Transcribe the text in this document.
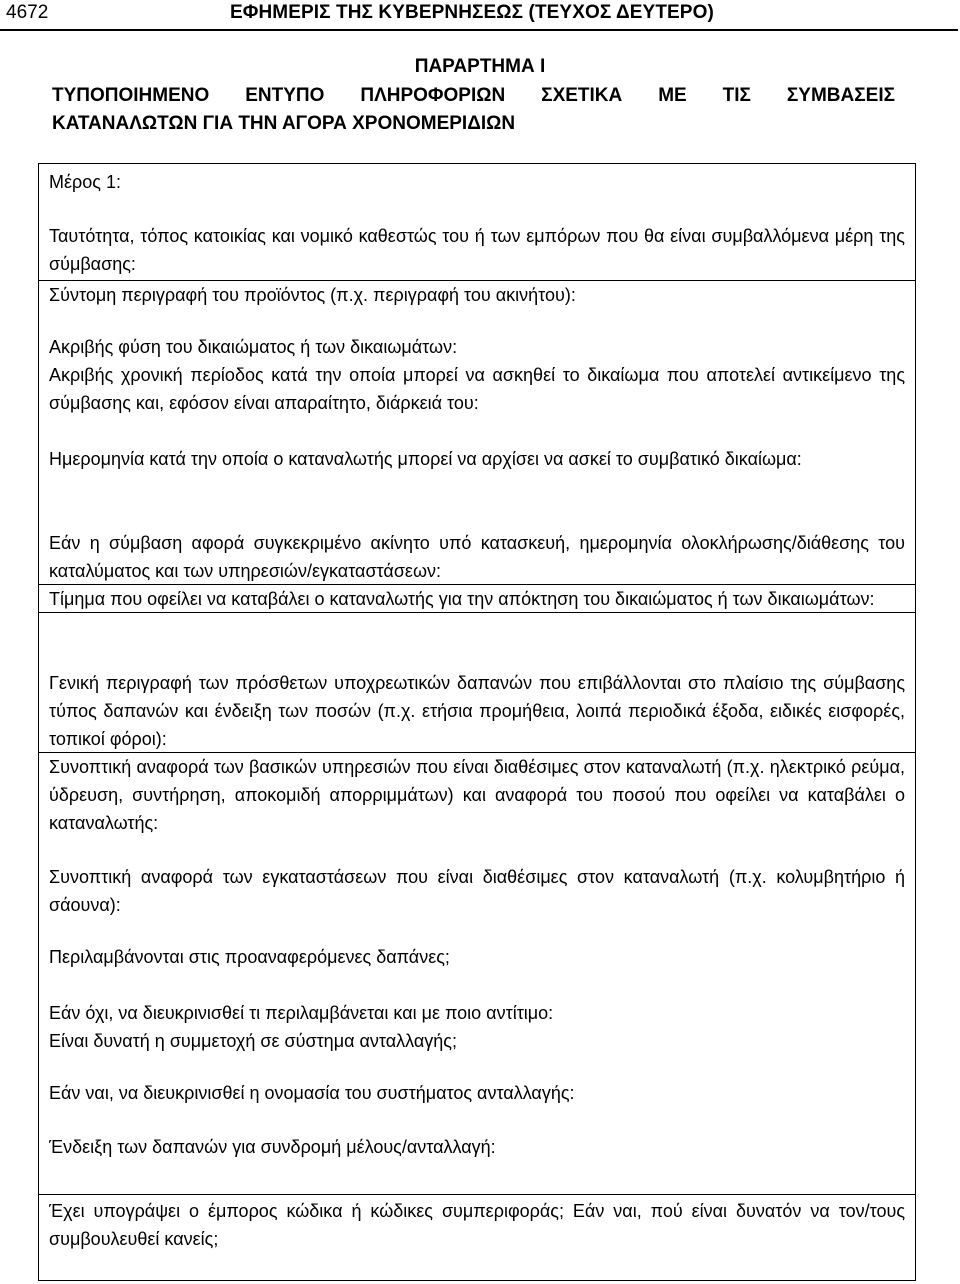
4672	ΕΦΗΜΕΡΙΣ ΤΗΣ ΚΥΒΕΡΝΗΣΕΩΣ (ΤΕΥΧΟΣ ΔΕΥΤΕΡΟ)
ΠΑΡΑΡΤΗΜΑ I
ΤΥΠΟΠΟΙΗΜΕΝΟ ΕΝΤΥΠΟ ΠΛΗΡΟΦΟΡΙΩΝ ΣΧΕΤΙΚΑ ΜΕ ΤΙΣ ΣΥΜΒΑΣΕΙΣ
ΚΑΤΑΝΑΛΩΤΩΝ ΓΙΑ ΤΗΝ ΑΓΟΡΑ ΧΡΟΝΟΜΕΡΙΔΙΩΝ
Μέρος 1:
Ταυτότητα, τόπος κατοικίας και νομικό καθεστώς του ή των εμπόρων που θα είναι συμβαλλόμενα μέρη της σύμβασης:
Σύντομη περιγραφή του προϊόντος (π.χ. περιγραφή του ακινήτου):
Ακριβής φύση του δικαιώματος ή των δικαιωμάτων:
Ακριβής χρονική περίοδος κατά την οποία μπορεί να ασκηθεί το δικαίωμα που αποτελεί αντικείμενο της σύμβασης και, εφόσον είναι απαραίτητο, διάρκειά του:
Ημερομηνία κατά την οποία ο καταναλωτής μπορεί να αρχίσει να ασκεί το συμβατικό δικαίωμα:
Εάν η σύμβαση αφορά συγκεκριμένο ακίνητο υπό κατασκευή, ημερομηνία ολοκλήρωσης/διάθεσης του καταλύματος και των υπηρεσιών/εγκαταστάσεων:
Τίμημα που οφείλει να καταβάλει ο καταναλωτής για την απόκτηση του δικαιώματος ή των δικαιωμάτων:
Γενική περιγραφή των πρόσθετων υποχρεωτικών δαπανών που επιβάλλονται στο πλαίσιο της σύμβασης τύπος δαπανών και ένδειξη των ποσών (π.χ. ετήσια προμήθεια, λοιπά περιοδικά έξοδα, ειδικές εισφορές, τοπικοί φόροι):
Συνοπτική αναφορά των βασικών υπηρεσιών που είναι διαθέσιμες στον καταναλωτή (π.χ. ηλεκτρικό ρεύμα, ύδρευση, συντήρηση, αποκομιδή απορριμμάτων) και αναφορά του ποσού που οφείλει να καταβάλει ο καταναλωτής:
Συνοπτική αναφορά των εγκαταστάσεων που είναι διαθέσιμες στον καταναλωτή (π.χ. κολυμβητήριο ή σάουνα):
Περιλαμβάνονται στις προαναφερόμενες δαπάνες;
Εάν όχι, να διευκρινισθεί τι περιλαμβάνεται και με ποιο αντίτιμο:
Είναι δυνατή η συμμετοχή σε σύστημα ανταλλαγής;
Εάν ναι, να διευκρινισθεί η ονομασία του συστήματος ανταλλαγής:
Ένδειξη των δαπανών για συνδρομή μέλους/ανταλλαγή:
Έχει υπογράψει ο έμπορος κώδικα ή κώδικες συμπεριφοράς; Εάν ναι, πού είναι δυνατόν να τον/τους συμβουλευθεί κανείς;
